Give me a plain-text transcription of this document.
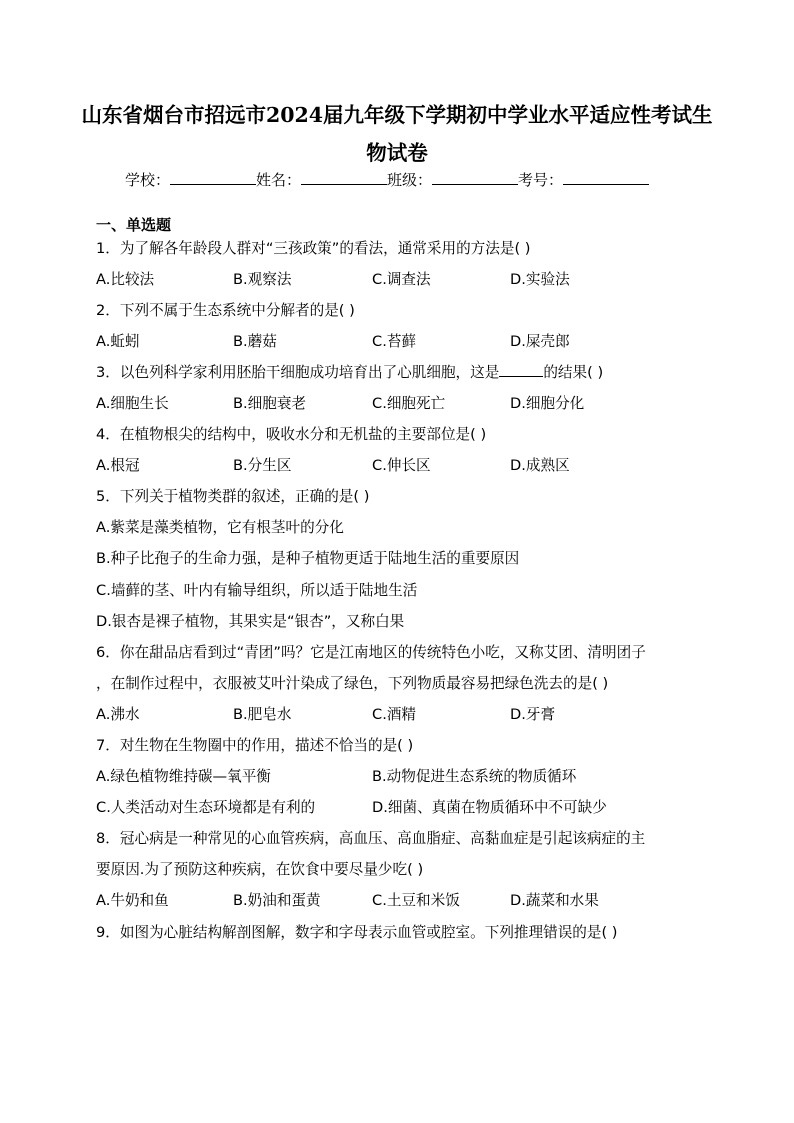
山东省烟台市招远市2024届九年级下学期初中学业水平适应性考试生
物试卷
学校：	姓名：	班级：	考号：
一、单选题
1．为了解各年龄段人群对“三孩政策”的看法，通常采用的方法是( )
A.比较法	B.观察法	C.调查法	D.实验法
2．下列不属于生态系统中分解者的是( )
A.蚯蚓	B.蘑菇	C.苔藓	D.屎壳郎
3．以色列科学家利用胚胎干细胞成功培育出了心肌细胞，这是	的结果( )
A.细胞生长	B.细胞衰老	C.细胞死亡	D.细胞分化
4．在植物根尖的结构中，吸收水分和无机盐的主要部位是( )
A.根冠	B.分生区	C.伸长区	D.成熟区
5．下列关于植物类群的叙述，正确的是( )
A.紫菜是藻类植物，它有根茎叶的分化
B.种子比孢子的生命力强，是种子植物更适于陆地生活的重要原因
C.墙藓的茎、叶内有输导组织，所以适于陆地生活
D.银杏是裸子植物，其果实是“银杏”，又称白果
6．你在甜品店看到过“青团”吗？它是江南地区的传统特色小吃，又称艾团、清明团子
，在制作过程中，衣服被艾叶汁染成了绿色，下列物质最容易把绿色洗去的是( )
A.沸水	B.肥皂水	C.酒精	D.牙膏
7．对生物在生物圈中的作用，描述不恰当的是( )
A.绿色植物维持碳—氧平衡	B.动物促进生态系统的物质循环
C.人类活动对生态环境都是有利的	D.细菌、真菌在物质循环中不可缺少
8．冠心病是一种常见的心血管疾病，高血压、高血脂症、高黏血症是引起该病症的主
要原因.为了预防这种疾病，在饮食中要尽量少吃( )
A.牛奶和鱼	B.奶油和蛋黄	C.土豆和米饭	D.蔬菜和水果
9．如图为心脏结构解剖图解，数字和字母表示血管或腔室。下列推理错误的是( )
